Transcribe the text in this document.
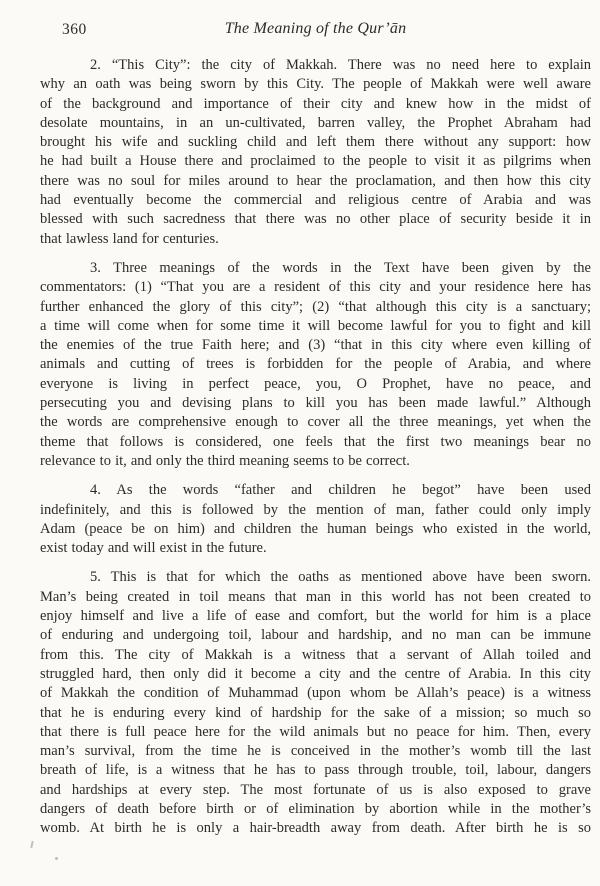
360	The Meaning of the Qur’ān
2. “This City”: the city of Makkah. There was no need here to explain
why an oath was being sworn by this City. The people of Makkah were well aware
of the background and importance of their city and knew how in the midst of
desolate mountains, in an un-cultivated, barren valley, the Prophet Abraham had
brought his wife and suckling child and left them there without any support: how
he had built a House there and proclaimed to the people to visit it as pilgrims when
there was no soul for miles around to hear the proclamation, and then how this city
had eventually become the commercial and religious centre of Arabia and was
blessed with such sacredness that there was no other place of security beside it in
that lawless land for centuries.
3. Three meanings of the words in the Text have been given by the
commentators: (1) “That you are a resident of this city and your residence here has
further enhanced the glory of this city”; (2) “that although this city is a sanctuary;
a time will come when for some time it will become lawful for you to fight and kill
the enemies of the true Faith here; and (3) “that in this city where even killing of
animals and cutting of trees is forbidden for the people of Arabia, and where
everyone is living in perfect peace, you, O Prophet, have no peace, and
persecuting you and devising plans to kill you has been made lawful.” Although
the words are comprehensive enough to cover all the three meanings, yet when the
theme that follows is considered, one feels that the first two meanings bear no
relevance to it, and only the third meaning seems to be correct.
4. As the words “father and children he begot” have been used
indefinitely, and this is followed by the mention of man, father could only imply
Adam (peace be on him) and children the human beings who existed in the world,
exist today and will exist in the future.
5. This is that for which the oaths as mentioned above have been sworn.
Man’s being created in toil means that man in this world has not been created to
enjoy himself and live a life of ease and comfort, but the world for him is a place
of enduring and undergoing toil, labour and hardship, and no man can be immune
from this. The city of Makkah is a witness that a servant of Allah toiled and
struggled hard, then only did it become a city and the centre of Arabia. In this city
of Makkah the condition of Muhammad (upon whom be Allah’s peace) is a witness
that he is enduring every kind of hardship for the sake of a mission; so much so
that there is full peace here for the wild animals but no peace for him. Then, every
man’s survival, from the time he is conceived in the mother’s womb till the last
breath of life, is a witness that he has to pass through trouble, toil, labour, dangers
and hardships at every step. The most fortunate of us is also exposed to grave
dangers of death before birth or of elimination by abortion while in the mother’s
womb. At birth he is only a hair-breadth away from death. After birth he is so
